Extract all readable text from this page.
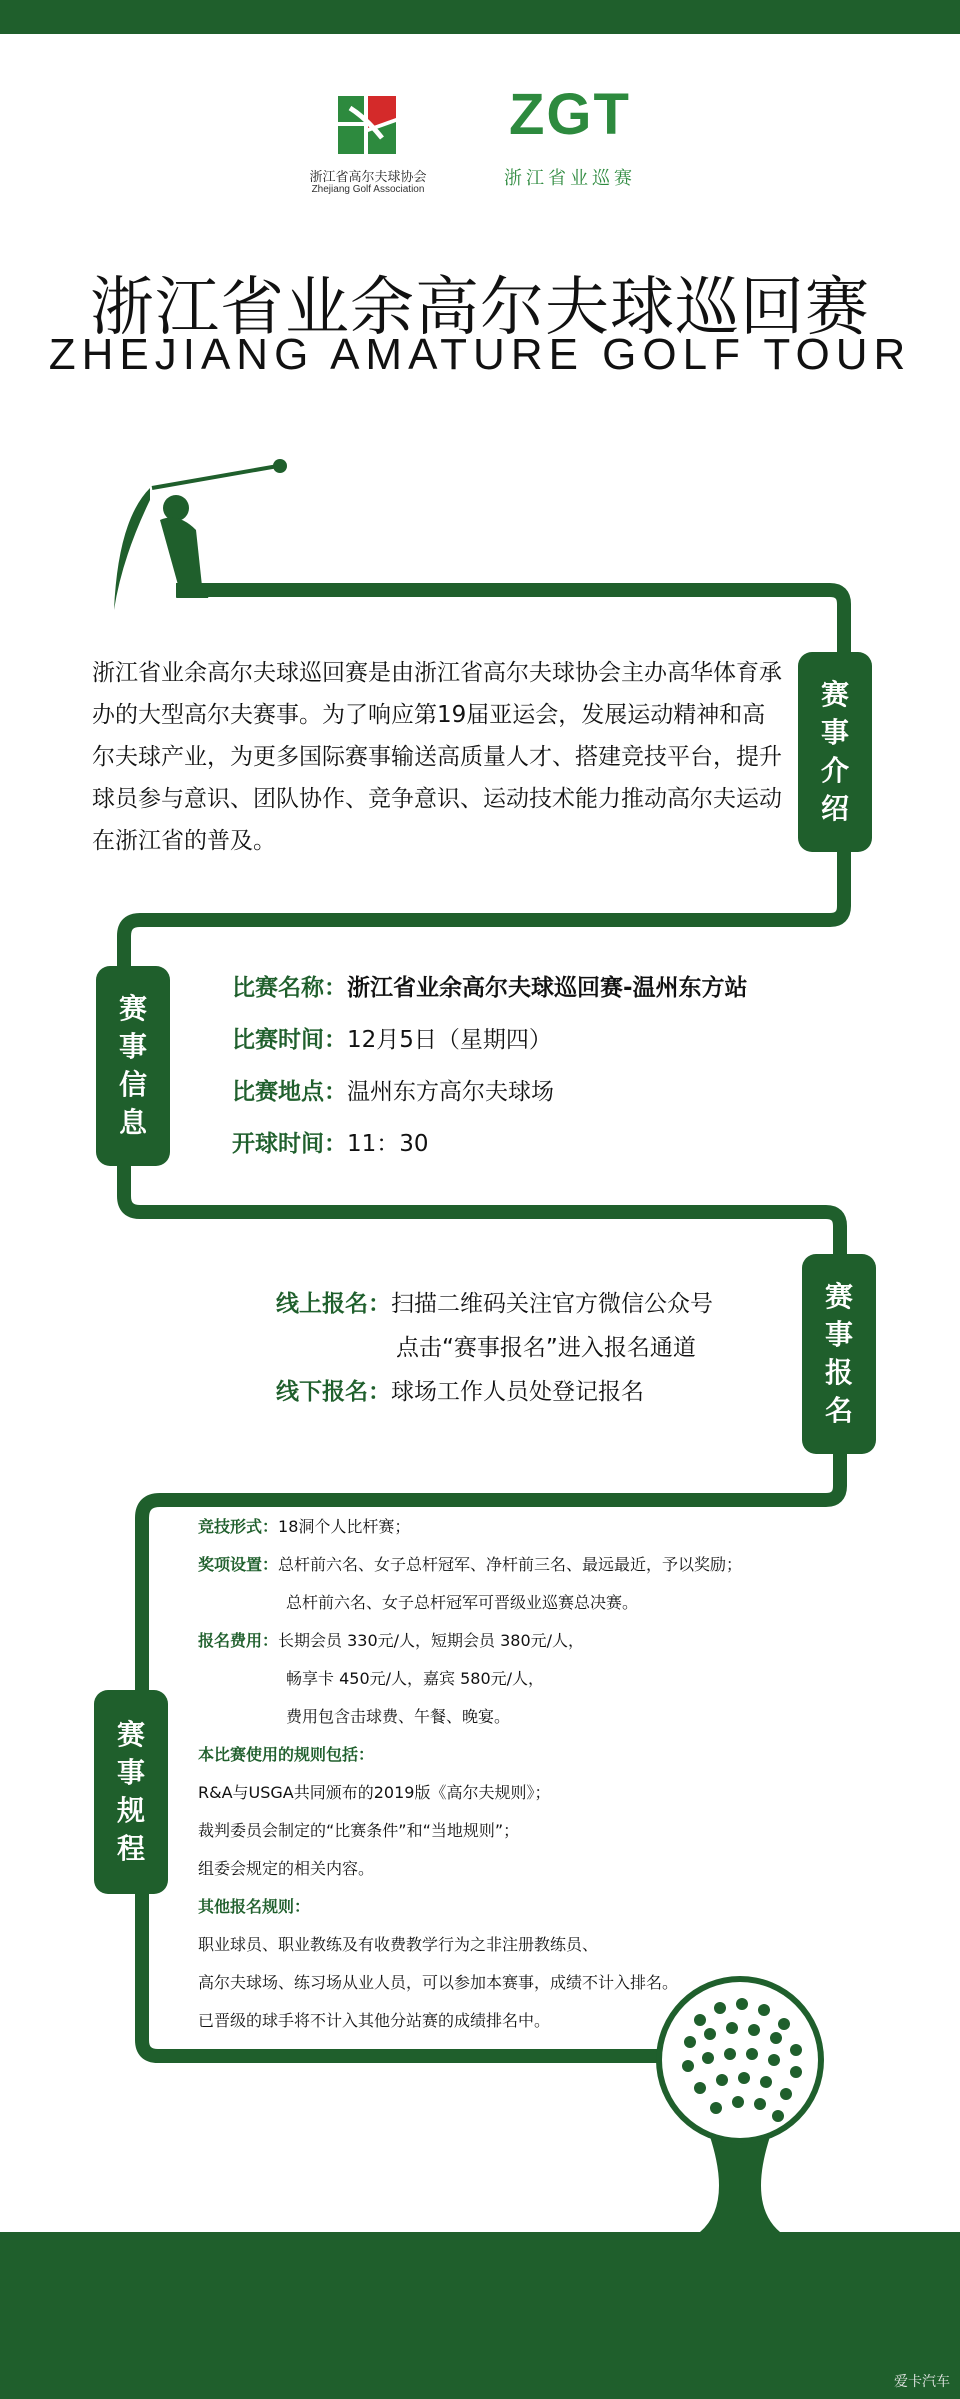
爱卡汽车
浙江省高尔夫球协会
Zhejiang Golf Association
ZGT
浙江省业巡赛
浙江省业余高尔夫球巡回赛
ZHEJIANG AMATURE GOLF TOUR
赛
事
介
绍
赛
事
信
息
赛
事
报
名
赛
事
规
程
浙江省业余高尔夫球巡回赛是由浙江省高尔夫球协会主办高华体育承办的大型高尔夫赛事。为了响应第19届亚运会，发展运动精神和高尔夫球产业，为更多国际赛事输送高质量人才、搭建竞技平台，提升球员参与意识、团队协作、竞争意识、运动技术能力推动高尔夫运动在浙江省的普及。
比赛名称：浙江省业余高尔夫球巡回赛-温州东方站
比赛时间：12月5日（星期四）
比赛地点：温州东方高尔夫球场
开球时间：11：30
线上报名：扫描二维码关注官方微信公众号
点击“赛事报名”进入报名通道
线下报名：球场工作人员处登记报名
竞技形式：18洞个人比杆赛；
奖项设置：总杆前六名、女子总杆冠军、净杆前三名、最远最近，予以奖励；
总杆前六名、女子总杆冠军可晋级业巡赛总决赛。
报名费用：长期会员 330元/人，短期会员 380元/人，
畅享卡 450元/人，嘉宾 580元/人，
费用包含击球费、午餐、晚宴。
本比赛使用的规则包括：
R&A与USGA共同颁布的2019版《高尔夫规则》；
裁判委员会制定的“比赛条件”和“当地规则”；
组委会规定的相关内容。
其他报名规则：
职业球员、职业教练及有收费教学行为之非注册教练员、
高尔夫球场、练习场从业人员，可以参加本赛事，成绩不计入排名。
已晋级的球手将不计入其他分站赛的成绩排名中。
